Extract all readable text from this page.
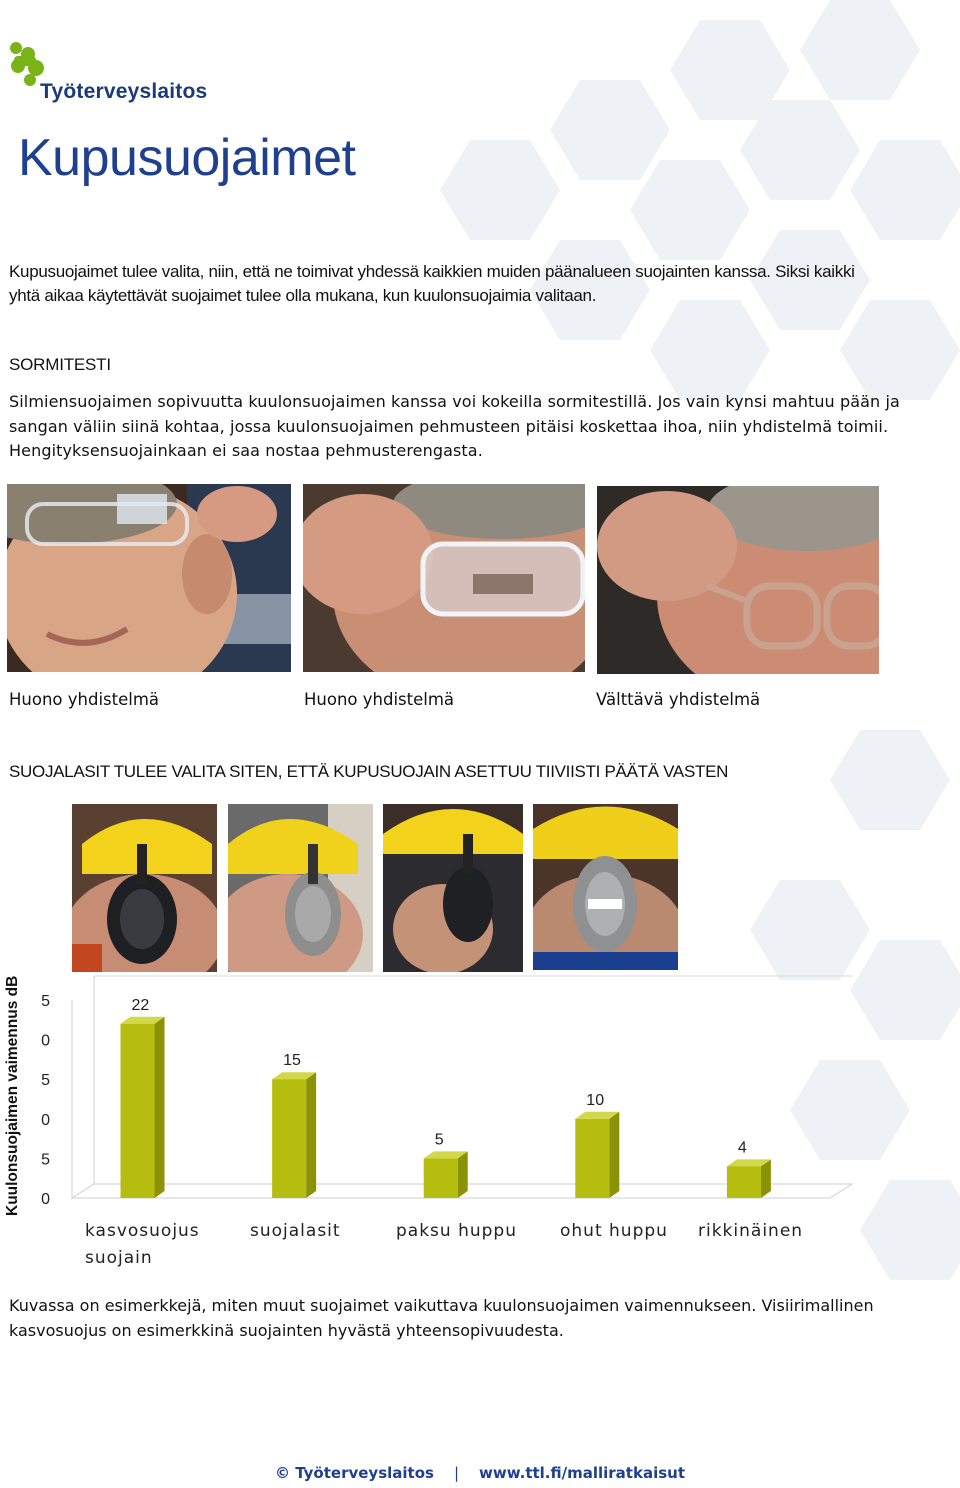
Työterveyslaitos
Kupusuojaimet

Kupusuojaimet tulee valita, niin, että ne toimivat yhdessä kaikkien muiden päänalueen suojainten kanssa. Siksi kaikki yhtä aikaa käytettävät suojaimet tulee olla mukana, kun kuulonsuojaimia valitaan.

SORMITESTI

Silmiensuojaimen sopivuutta kuulonsuojaimen kanssa voi kokeilla sormitestillä. Jos vain kynsi mahtuu pään ja sangan väliin siinä kohtaa, jossa kuulonsuojaimen pehmusteen pitäisi koskettaa ihoa, niin yhdistelmä toimii. Hengityksensuojainkaan ei saa nostaa pehmusterengasta.

Huono yhdistelmä	Huono yhdistelmä	Välttävä yhdistelmä
SUOJALASIT TULEE VALITA SITEN, ETTÄ KUPUSUOJAIN ASETTUU TIIVIISTI PÄÄTÄ VASTEN
Kuulonsuojaimen vaimennus dB 0
5
0
5
0
5	22
kasvosuojus
suojain
15
suojalasit
5
paksu huppu
10
ohut huppu
4
rikkinäinen

Kuvassa on esimerkkejä, miten muut suojaimet vaikuttava kuulonsuojaimen vaimennukseen. Visiirimallinen kasvosuojus on esimerkkinä suojainten hyvästä yhteensopivuudesta.

© Työterveyslaitos | www.ttl.fi/malliratkaisut
